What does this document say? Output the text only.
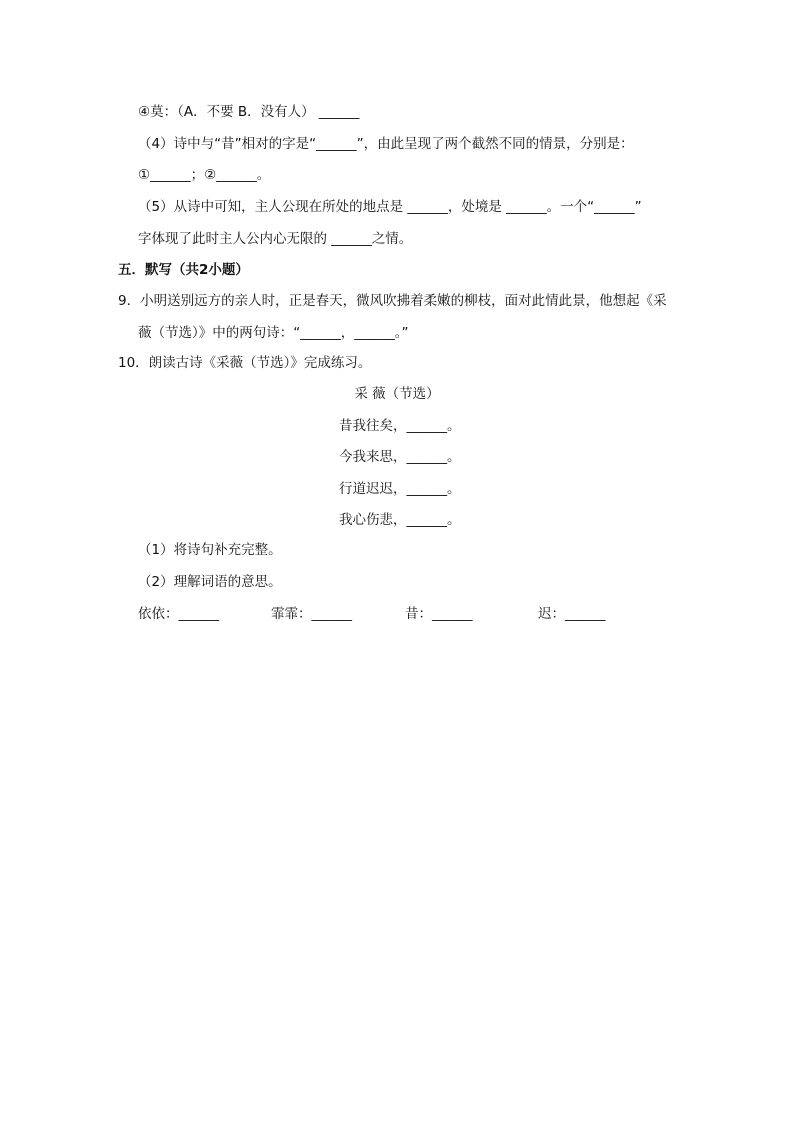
④莫：（A．不要 B．没有人） ______
（4）诗中与“昔”相对的字是“______”，由此呈现了两个截然不同的情景，分别是：
①______；②______。
（5）从诗中可知，主人公现在所处的地点是 ______，处境是 ______。一个“______”
字体现了此时主人公内心无限的 ______之情。
五．默写（共2小题）
9．小明送别远方的亲人时，正是春天，微风吹拂着柔嫩的柳枝，面对此情此景，他想起《采
薇（节选）》中的两句诗：“______，______。”
10．朗读古诗《采薇（节选）》完成练习。
采 薇（节选）
昔我往矣，______。
今我来思，______。
行道迟迟，______。
我心伤悲，______。
（1）将诗句补充完整。
（2）理解词语的意思。
依依：______	霏霏：______	昔：______	迟：______
